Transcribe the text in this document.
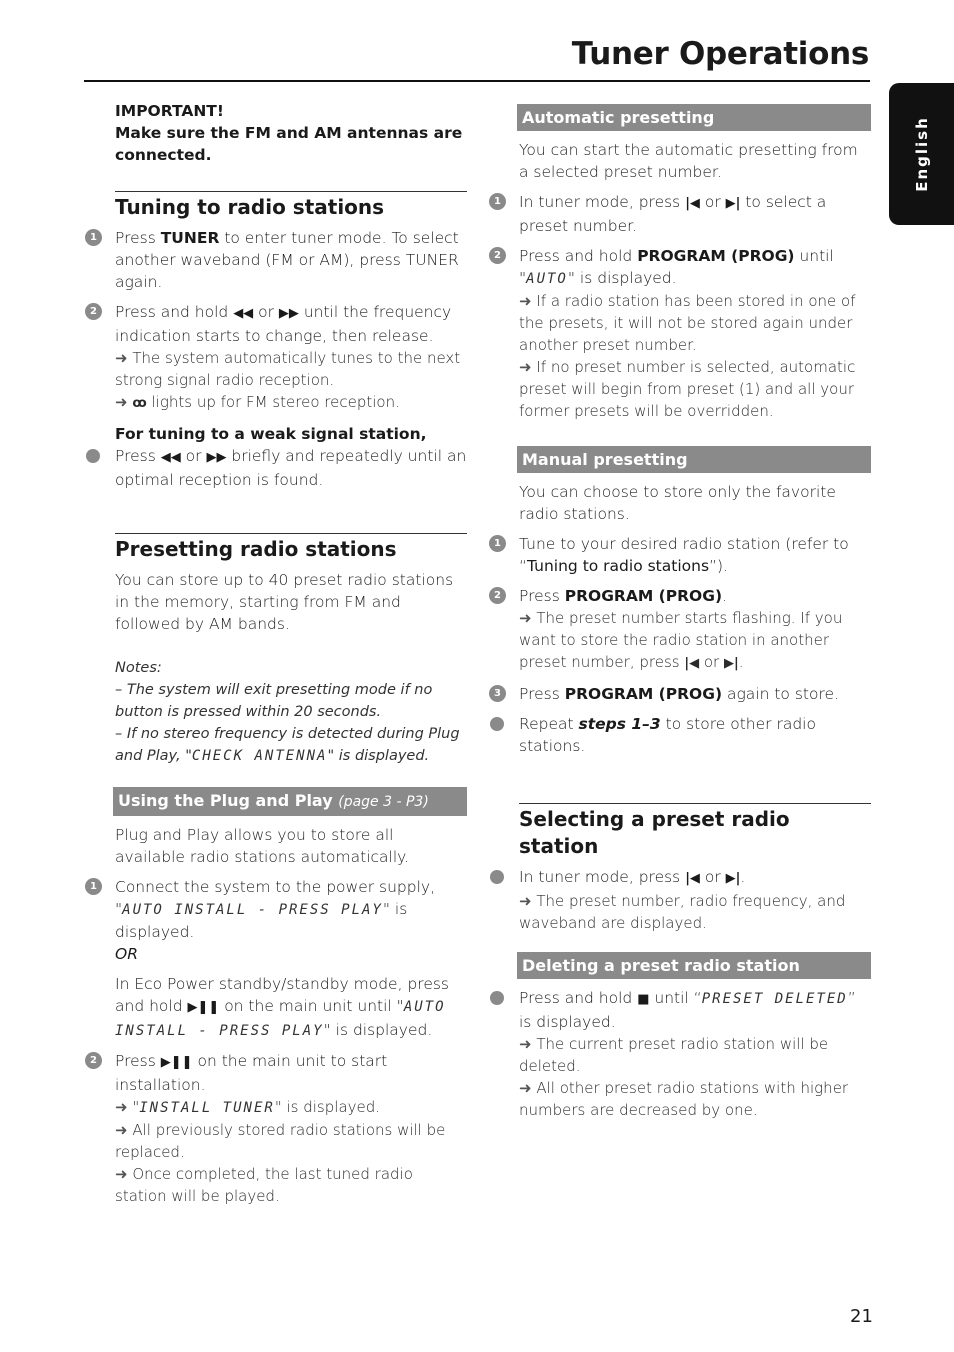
Tuner Operations
English
21
IMPORTANT!
Make sure the FM and AM antennas are connected.
Tuning to radio stations
1	Press TUNER to enter tuner mode. To select another waveband (FM or AM), press TUNER again.

2	Press and hold ◀◀ or ▶▶ until the frequency indication starts to change, then release.

➜ The system automatically tunes to the next strong signal radio reception.

➜ ꝏ lights up for FM stereo reception.

For tuning to a weak signal station,

Press ◀◀ or ▶▶ briefly and repeatedly until an optimal reception is found.

Presetting radio stations

You can store up to 40 preset radio stations in the memory, starting from FM and followed by AM bands.

Notes:

– The system will exit presetting mode if no button is pressed within 20 seconds.

– If no stereo frequency is detected during Plug and Play, "CHECK ANTENNA" is displayed.

Using the Plug and Play (page 3 - P3)

Plug and Play allows you to store all available radio stations automatically.

1	Connect the system to the power supply, "AUTO INSTALL - PRESS PLAY" is displayed.

OR

In Eco Power standby/standby mode, press and hold ▶❚❚ on the main unit until "AUTO INSTALL - PRESS PLAY" is displayed.

2	Press ▶❚❚ on the main unit to start installation.

➜ "INSTALL TUNER" is displayed.

➜ All previously stored radio stations will be replaced.

➜ Once completed, the last tuned radio station will be played.

Automatic presetting

You can start the automatic presetting from a selected preset number.

1	In tuner mode, press |◀ or ▶| to select a preset number.

2	Press and hold PROGRAM (PROG) until "AUTO" is displayed.

➜ If a radio station has been stored in one of the presets, it will not be stored again under another preset number.

➜ If no preset number is selected, automatic preset will begin from preset (1) and all your former presets will be overridden.

Manual presetting

You can choose to store only the favorite radio stations.

1	Tune to your desired radio station (refer to “Tuning to radio stations”).

2	Press PROGRAM (PROG).

➜ The preset number starts flashing. If you want to store the radio station in another preset number, press |◀ or ▶|.

3	Press PROGRAM (PROG) again to store.

Repeat steps 1–3 to store other radio stations.

Selecting a preset radio station

In tuner mode, press |◀ or ▶|.

➜ The preset number, radio frequency, and waveband are displayed.

Deleting a preset radio station

Press and hold ■ until “PRESET DELETED” is displayed.

➜ The current preset radio station will be deleted.

➜ All other preset radio stations with higher numbers are decreased by one.
